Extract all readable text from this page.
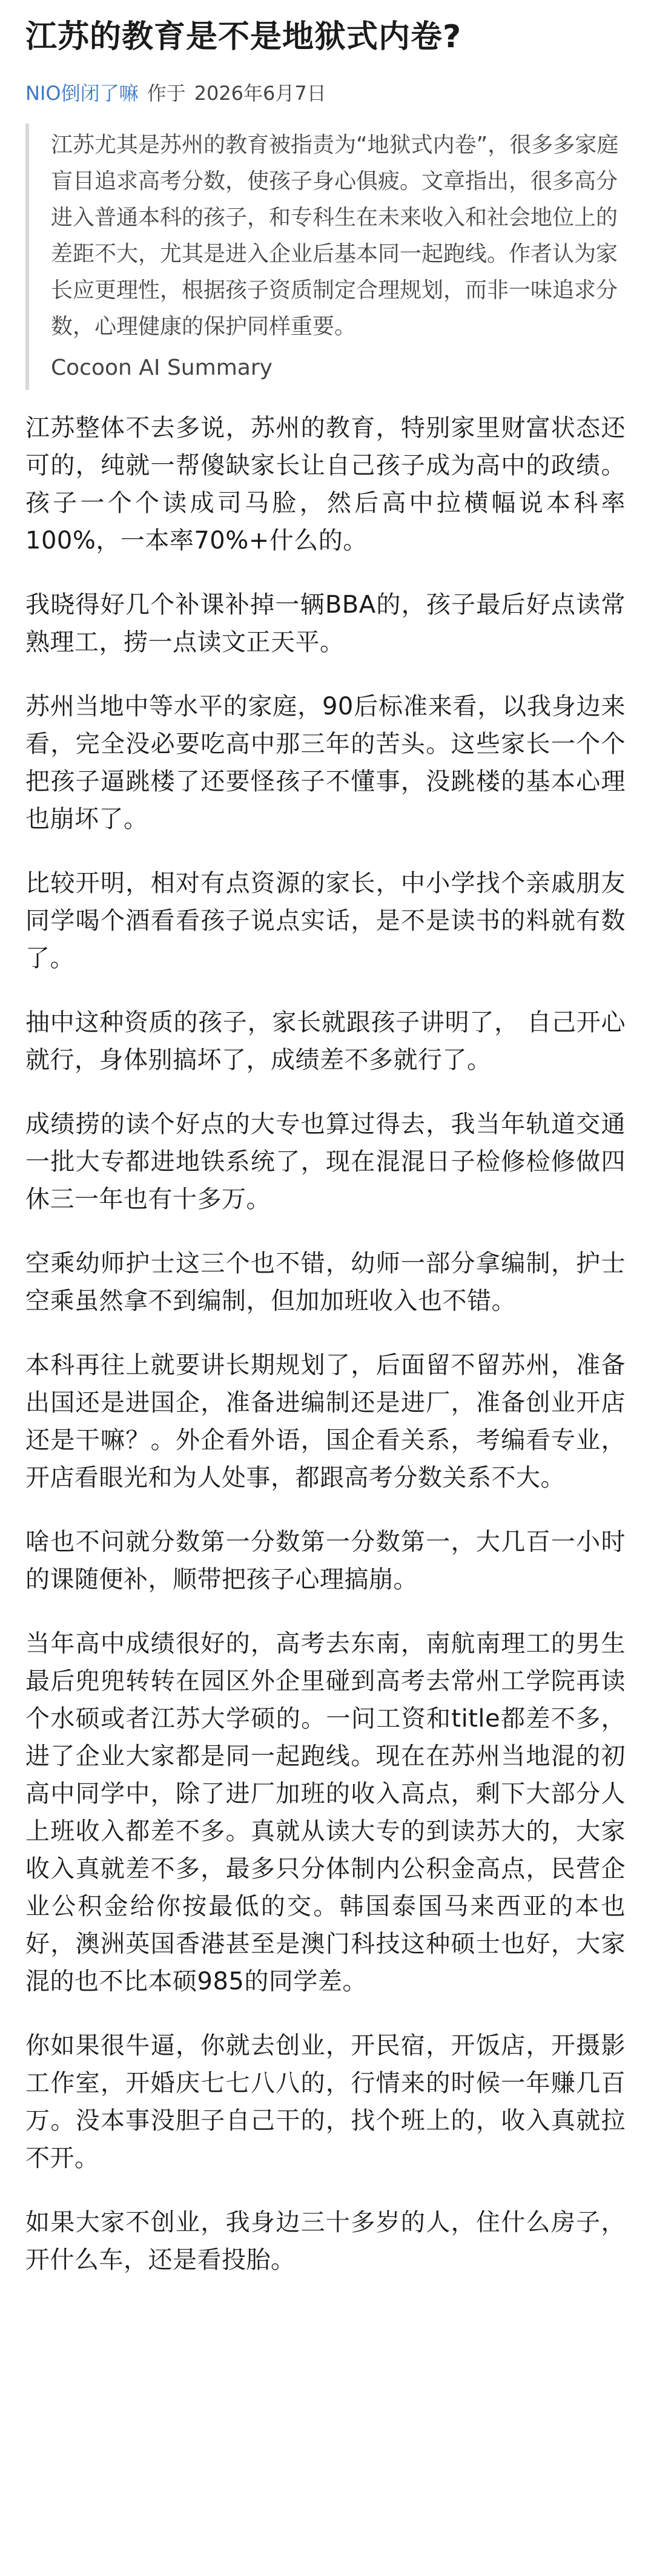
江苏的教育是不是地狱式内卷?
NIO倒闭了嘛 作于 2026年6月7日

江苏尤其是苏州的教育被指责为“地狱式内卷”，很多多家庭盲目追求高考分数，使孩子身心俱疲。文章指出，很多高分进入普通本科的孩子，和专科生在未来收入和社会地位上的差距不大，尤其是进入企业后基本同一起跑线。作者认为家长应更理性，根据孩子资质制定合理规划，而非一味追求分数，心理健康的保护同样重要。

Cocoon AI Summary

江苏整体不去多说，苏州的教育，特别家里财富状态还可的，纯就一帮傻缺家长让自己孩子成为高中的政绩。孩子一个个读成司马脸，然后高中拉横幅说本科率100%，一本率70%+什么的。

我晓得好几个补课补掉一辆BBA的，孩子最后好点读常熟理工，捞一点读文正天平。

苏州当地中等水平的家庭，90后标准来看，以我身边来看，完全没必要吃高中那三年的苦头。这些家长一个个把孩子逼跳楼了还要怪孩子不懂事，没跳楼的基本心理也崩坏了。

比较开明，相对有点资源的家长，中小学找个亲戚朋友同学喝个酒看看孩子说点实话，是不是读书的料就有数了。

抽中这种资质的孩子，家长就跟孩子讲明了， 自己开心就行，身体别搞坏了，成绩差不多就行了。

成绩捞的读个好点的大专也算过得去，我当年轨道交通一批大专都进地铁系统了，现在混混日子检修检修做四休三一年也有十多万。

空乘幼师护士这三个也不错，幼师一部分拿编制，护士空乘虽然拿不到编制，但加加班收入也不错。

本科再往上就要讲长期规划了，后面留不留苏州，准备出国还是进国企，准备进编制还是进厂，准备创业开店还是干嘛？。外企看外语，国企看关系，考编看专业，开店看眼光和为人处事，都跟高考分数关系不大。

啥也不问就分数第一分数第一分数第一，大几百一小时的课随便补，顺带把孩子心理搞崩。

当年高中成绩很好的，高考去东南，南航南理工的男生最后兜兜转转在园区外企里碰到高考去常州工学院再读个水硕或者江苏大学硕的。一问工资和title都差不多，进了企业大家都是同一起跑线。现在在苏州当地混的初高中同学中，除了进厂加班的收入高点，剩下大部分人上班收入都差不多。真就从读大专的到读苏大的，大家收入真就差不多，最多只分体制内公积金高点，民营企业公积金给你按最低的交。韩国泰国马来西亚的本也好，澳洲英国香港甚至是澳门科技这种硕士也好，大家混的也不比本硕985的同学差。

你如果很牛逼，你就去创业，开民宿，开饭店，开摄影工作室，开婚庆七七八八的，行情来的时候一年赚几百万。没本事没胆子自己干的，找个班上的，收入真就拉不开。

如果大家不创业，我身边三十多岁的人，住什么房子，开什么车，还是看投胎。
